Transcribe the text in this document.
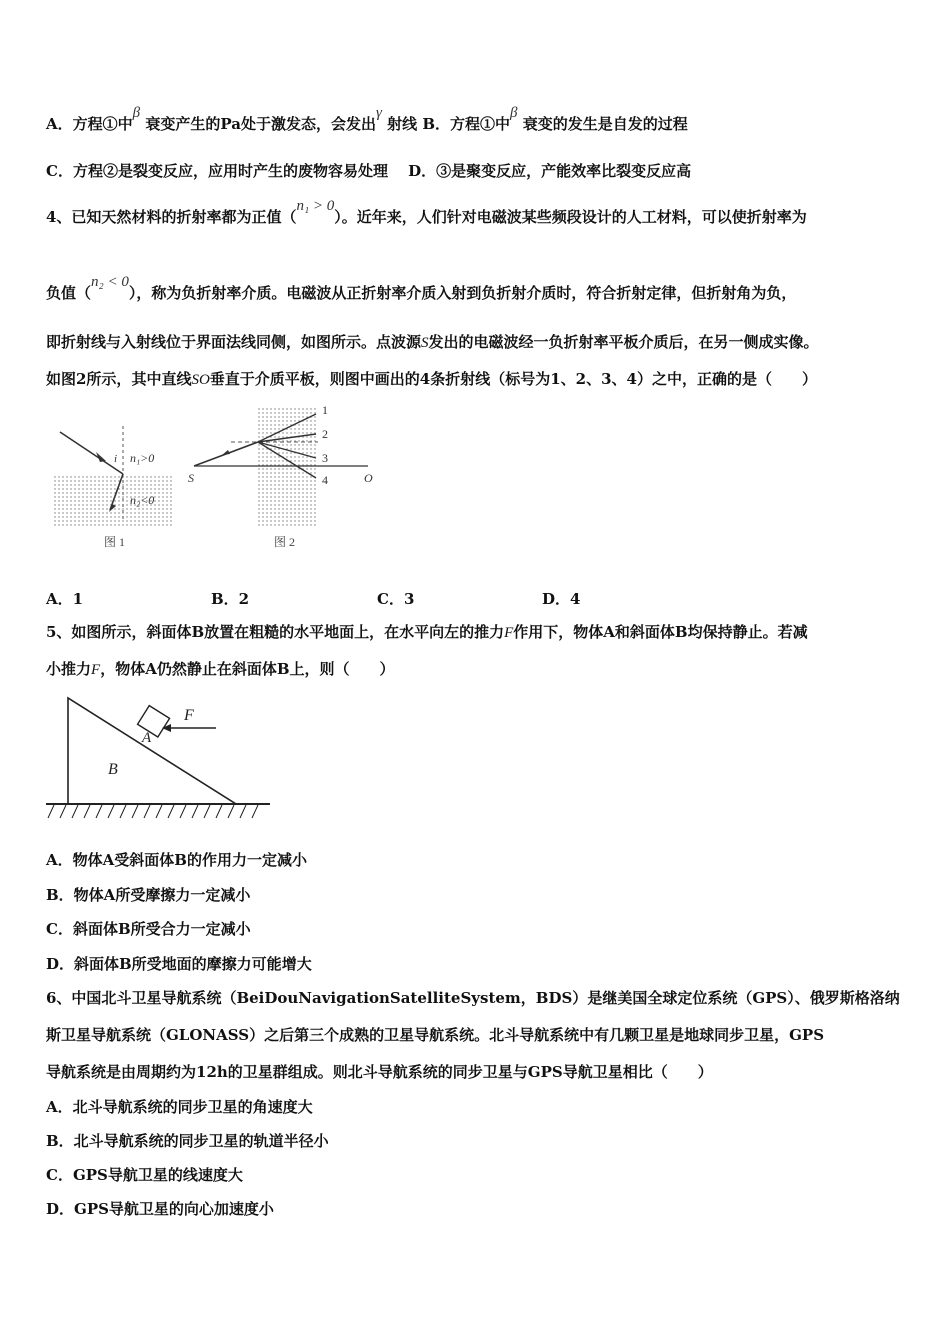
A．方程①中β 衰变产生的Pa处于激发态，会发出γ 射线 B．方程①中β 衰变的发生是自发的过程
C．方程②是裂变反应，应用时产生的废物容易处理　 D．③是聚变反应，产能效率比裂变反应高
4、已知天然材料的折射率都为正值（n₁ > 0）。近年来，人们针对电磁波某些频段设计的人工材料，可以使折射率为
负值（n₂ < 0），称为负折射率介质。电磁波从正折射率介质入射到负折射介质时，符合折射定律，但折射角为负，
即折射线与入射线位于界面法线同侧，如图所示。点波源S发出的电磁波经一负折射率平板介质后，在另一侧成实像。
如图2所示，其中直线SO垂直于介质平板，则图中画出的4条折射线（标号为1、2、3、4）之中，正确的是（　　）
n₁>0
n₂<0
i
图 1
1
2
3
4
S	O
图 2
A．1	B．2	C．3	D．4
5、如图所示，斜面体B放置在粗糙的水平地面上，在水平向左的推力F作用下，物体A和斜面体B均保持静止。若减
小推力F，物体A仍然静止在斜面体B上，则（　　）
A
B
F
A．物体A受斜面体B的作用力一定减小
B．物体A所受摩擦力一定减小
C．斜面体B所受合力一定减小
D．斜面体B所受地面的摩擦力可能增大
6、中国北斗卫星导航系统（BeiDouNavigationSatelliteSystem，BDS）是继美国全球定位系统（GPS）、俄罗斯格洛纳
斯卫星导航系统（GLONASS）之后第三个成熟的卫星导航系统。北斗导航系统中有几颗卫星是地球同步卫星，GPS
导航系统是由周期约为12h的卫星群组成。则北斗导航系统的同步卫星与GPS导航卫星相比（　　）
A．北斗导航系统的同步卫星的角速度大
B．北斗导航系统的同步卫星的轨道半径小
C．GPS导航卫星的线速度大
D．GPS导航卫星的向心加速度小
